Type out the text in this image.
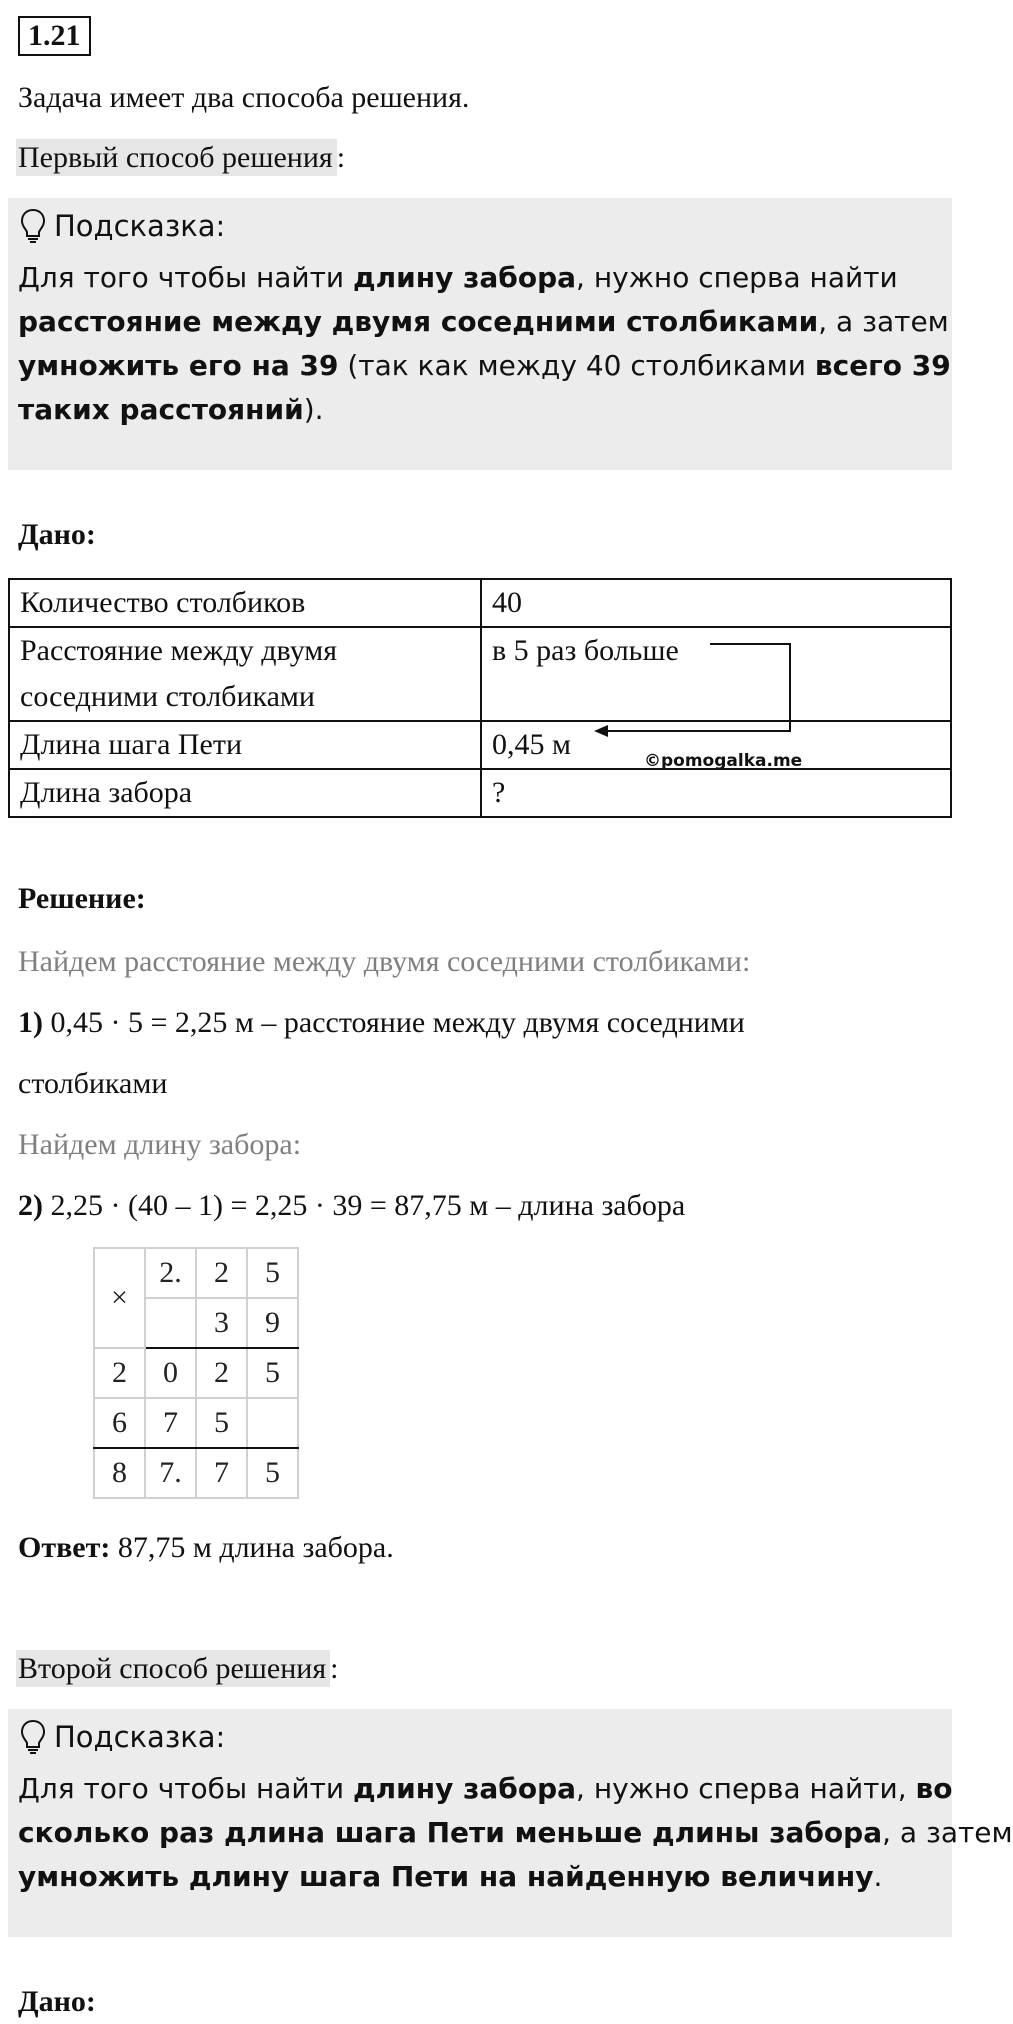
1.21
Задача имеет два способа решения.
Первый способ решения :
Подсказка:
Для того чтобы найти длину забора, нужно сперва найти
расстояние между двумя соседними столбиками, а затем
умножить его на 39 (так как между 40 столбиками всего 39
таких расстояний).
Дано:
Количество столбиков	40
Расстояние между двумя соседними столбиками	в 5 раз больше
Длина шага Пети	0,45 м
Длина забора	?
©pomogalka.me
Решение:
Найдем расстояние между двумя соседними столбиками:
1) 0,45 · 5 = 2,25 м – расстояние между двумя соседними
столбиками
Найдем длину забора:
2) 2,25 · (40 – 1) = 2,25 · 39 = 87,75 м – длина забора
×	2.	2	5
		3	9
2	0	2	5
6	7	5	
8	7.	7	5
Ответ: 87,75 м длина забора.
Второй способ решения :
Подсказка:
Для того чтобы найти длину забора, нужно сперва найти, во
сколько раз длина шага Пети меньше длины забора, а затем
умножить длину шага Пети на найденную величину.
Дано:
